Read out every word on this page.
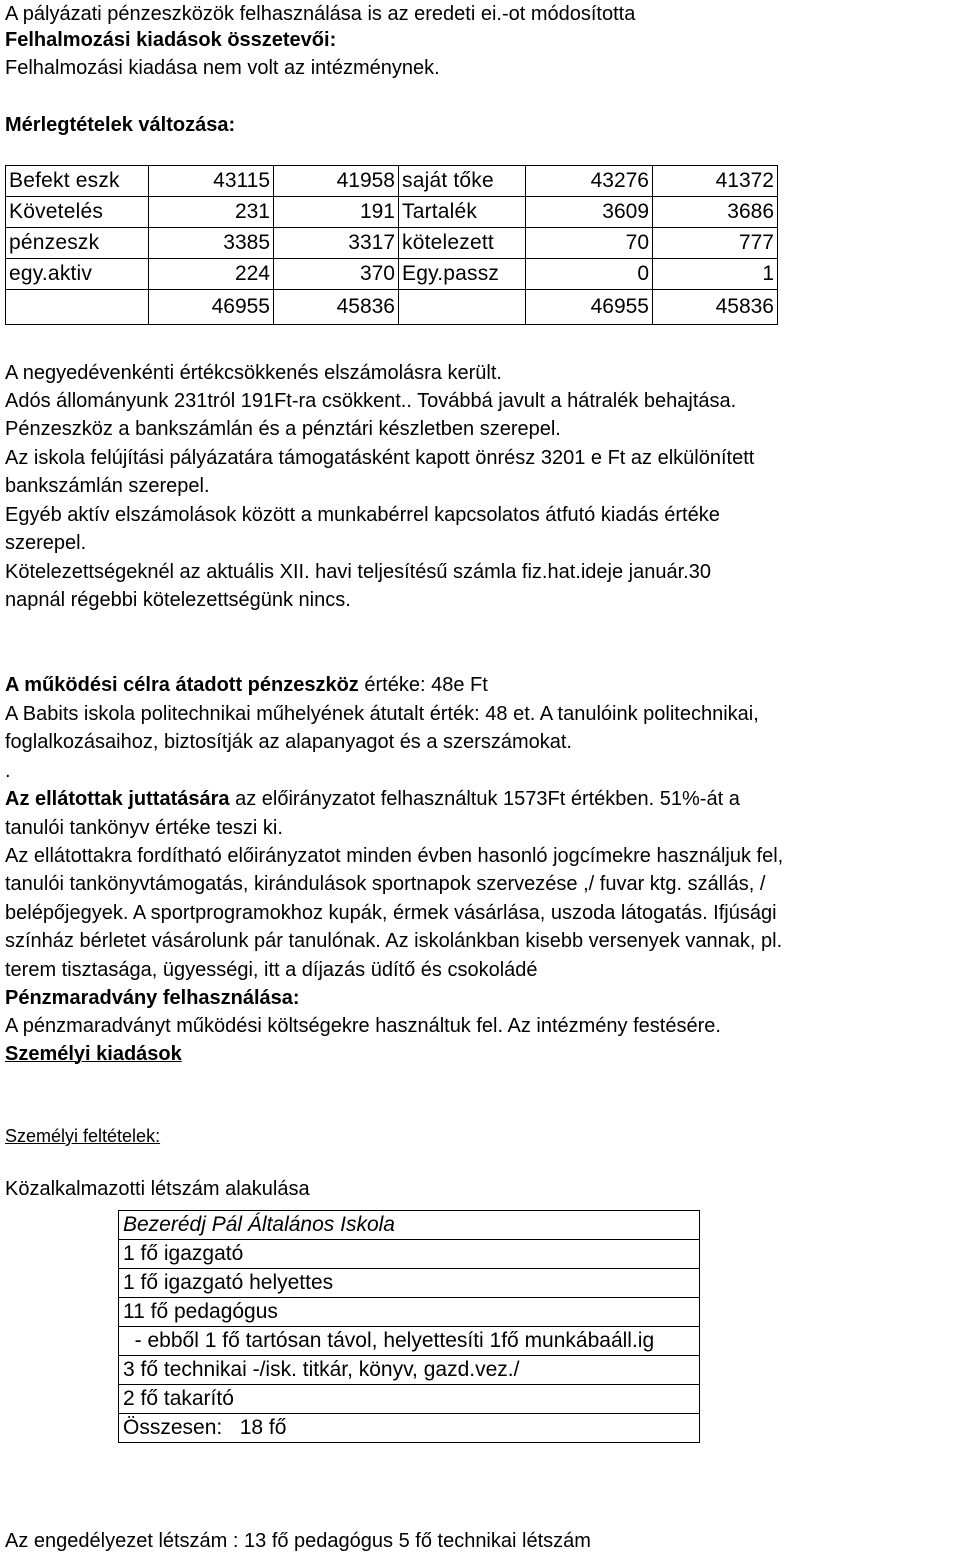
A pályázati pénzeszközök felhasználása is az eredeti ei.-ot módosította
Felhalmozási kiadások összetevői:
Felhalmozási kiadása nem volt az intézménynek.
Mérlegtételek változása:
Befekt eszk	43115	41958	saját tőke	43276	41372
Követelés	231	191	Tartalék	3609	3686
pénzeszk	3385	3317	kötelezett	70	777
egy.aktiv	224	370	Egy.passz	0	1
	46955	45836		46955	45836
A negyedévenkénti értékcsökkenés elszámolásra került.
Adós állományunk 231tról 191Ft-ra csökkent.. Továbbá javult a hátralék behajtása.
Pénzeszköz a bankszámlán és a pénztári készletben szerepel.
Az iskola felújítási pályázatára támogatásként kapott önrész 3201 e Ft az elkülönített
bankszámlán szerepel.
Egyéb aktív elszámolások között a munkabérrel kapcsolatos átfutó kiadás értéke
szerepel.
Kötelezettségeknél az aktuális XII. havi teljesítésű számla fiz.hat.ideje január.30
napnál régebbi kötelezettségünk nincs.
A működési célra átadott pénzeszköz értéke: 48e Ft
A Babits iskola politechnikai műhelyének átutalt érték: 48 et. A tanulóink politechnikai,
foglalkozásaihoz, biztosítják az alapanyagot és a szerszámokat.
.
Az ellátottak juttatására az előirányzatot felhasználtuk 1573Ft értékben. 51%-át a
tanulói tankönyv értéke teszi ki.
Az ellátottakra fordítható előirányzatot minden évben hasonló jogcímekre használjuk fel,
tanulói tankönyvtámogatás, kirándulások sportnapok szervezése ,/ fuvar ktg. szállás, /
belépőjegyek. A sportprogramokhoz kupák, érmek vásárlása, uszoda látogatás. Ifjúsági
színház bérletet vásárolunk pár tanulónak. Az iskolánkban kisebb versenyek vannak, pl.
terem tisztasága, ügyességi, itt a díjazás üdítő és csokoládé
Pénzmaradvány felhasználása:
A pénzmaradványt működési költségekre használtuk fel. Az intézmény festésére.
Személyi kiadások
Személyi feltételek:
Közalkalmazotti létszám alakulása
Bezerédj Pál Általános Iskola
1 fő igazgató
1 fő igazgató helyettes
11 fő pedagógus
- ebből 1 fő tartósan távol, helyettesíti 1fő munkábaáll.ig
3 fő technikai -/isk. titkár, könyv, gazd.vez./
2 fő takarító
Összesen:   18 fő
Az engedélyezet létszám : 13 fő pedagógus 5 fő technikai létszám
